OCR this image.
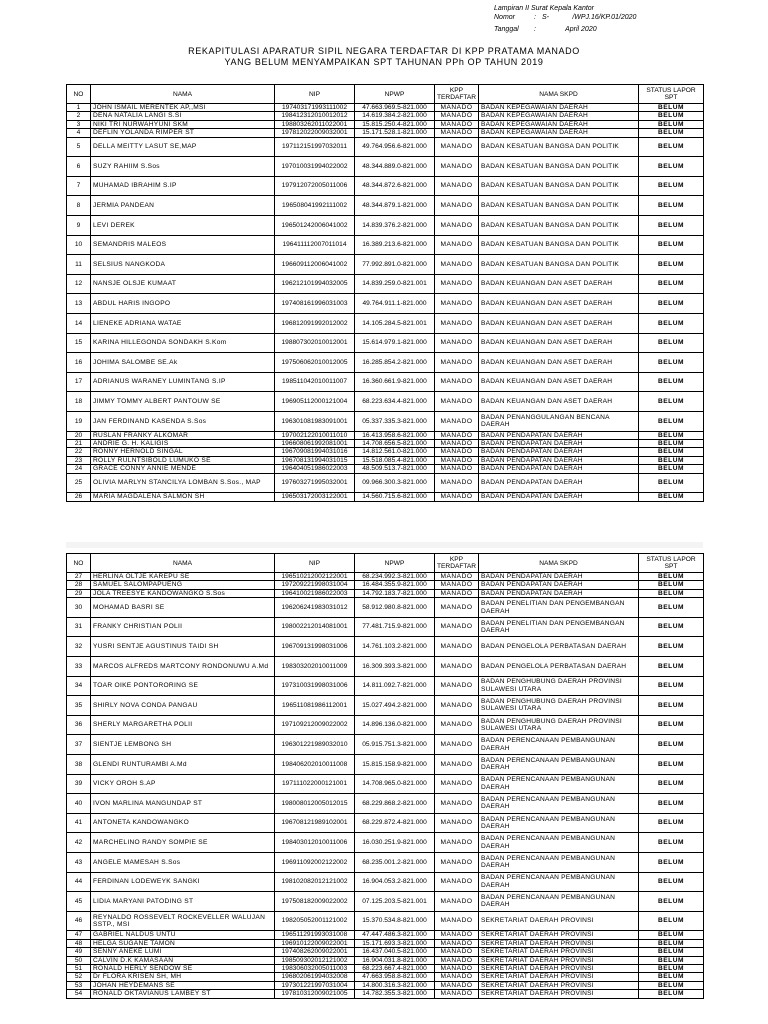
Lampiran II Surat Kepala Kantor
Nomor	: S-            /WPJ.16/KP.01/2020
Tanggal	: April 2020
REKAPITULASI APARATUR SIPIL NEGARA TERDAFTAR DI KPP PRATAMA MANADO
YANG BELUM MENYAMPAIKAN SPT TAHUNAN PPh OP TAHUN 2019
NO	NAMA	NIP	NPWP	KPP TERDAFTAR	NAMA SKPD	STATUS LAPOR SPT
1	JOHN ISMAIL MERENTEK AP,,MSI	197403171993111002	47.663.969.5-821.000	MANADO	BADAN KEPEGAWAIAN DAERAH	BELUM
2	DENA NATALIA LANGI S.SI	198412312010012012	14.619.384.2-821.000	MANADO	BADAN KEPEGAWAIAN DAERAH	BELUM
3	NIKI TRI NURWAHYUNI SKM	198803262011022001	15.815.250.4-821.000	MANADO	BADAN KEPEGAWAIAN DAERAH	BELUM
4	DEFLIN YOLANDA RIMPER ST	197812022009032001	15.171.528.1-821.000	MANADO	BADAN KEPEGAWAIAN DAERAH	BELUM
5	DELLA MEITTY LASUT SE,MAP	197112151997032011	49.764.956.6-821.000	MANADO	BADAN KESATUAN BANGSA DAN POLITIK	BELUM
6	SUZY RAHIIM S.Sos	197010031994022002	48.344.889.0-821.000	MANADO	BADAN KESATUAN BANGSA DAN POLITIK	BELUM
7	MUHAMAD IBRAHIM S.IP	197912072005011006	48.344.872.6-821.000	MANADO	BADAN KESATUAN BANGSA DAN POLITIK	BELUM
8	JERMIA PANDEAN	196508041992111002	48.344.879.1-821.000	MANADO	BADAN KESATUAN BANGSA DAN POLITIK	BELUM
9	LEVI DEREK	196501242006041002	14.839.376.2-821.000	MANADO	BADAN KESATUAN BANGSA DAN POLITIK	BELUM
10	SEMANDRIS MALEOS	196411112007011014	16.389.213.6-821.000	MANADO	BADAN KESATUAN BANGSA DAN POLITIK	BELUM
11	SELSIUS NANGKODA	196609112006041002	77.992.891.0-821.000	MANADO	BADAN KESATUAN BANGSA DAN POLITIK	BELUM
12	NANSJE OLSJE KUMAAT	196212101994032005	14.839.259.0-821.001	MANADO	BADAN KEUANGAN DAN ASET DAERAH	BELUM
13	ABDUL HARIS INGOPO	197408161996031003	49.764.911.1-821.000	MANADO	BADAN KEUANGAN DAN ASET DAERAH	BELUM
14	LIENEKE ADRIANA WATAE	196812091992012002	14.105.284.5-821.001	MANADO	BADAN KEUANGAN DAN ASET DAERAH	BELUM
15	KARINA HILLEGONDA SONDAKH S.Kom	198807302010012001	15.614.979.1-821.000	MANADO	BADAN KEUANGAN DAN ASET DAERAH	BELUM
16	JOHIMA SALOMBE SE.Ak	197506062010012005	16.285.854.2-821.000	MANADO	BADAN KEUANGAN DAN ASET DAERAH	BELUM
17	ADRIANUS WARANEY LUMINTANG S.IP	198511042010011007	16.360.661.9-821.000	MANADO	BADAN KEUANGAN DAN ASET DAERAH	BELUM
18	JIMMY TOMMY ALBERT PANTOUW SE	196905112000121004	68.223.634.4-821.000	MANADO	BADAN KEUANGAN DAN ASET DAERAH	BELUM
19	JAN FERDINAND KASENDA S.Sos	196301081983091001	05.337.335.3-821.000	MANADO	BADAN PENANGGULANGAN BENCANA DAERAH	BELUM
20	RUSLAN FRANKY ALKOMAR	197002122010011010	16.413.958.6-821.000	MANADO	BADAN PENDAPATAN DAERAH	BELUM
21	ANDRIE G. H. KALIGIS	196608061992081001	14.708.656.5-821.000	MANADO	BADAN PENDAPATAN DAERAH	BELUM
22	RONNY HERNOLD SINGAL	196709081994031016	14.812.561.0-821.000	MANADO	BADAN PENDAPATAN DAERAH	BELUM
23	ROLLY RULNTSIBOLD LUMUKO SE	196708131994031015	15.518.085.4-821.000	MANADO	BADAN PENDAPATAN DAERAH	BELUM
24	GRACE CONNY ANNIE MENDE	196404051986022003	48.509.513.7-821.000	MANADO	BADAN PENDAPATAN DAERAH	BELUM
25	OLIVIA MARLYN STANCILYA LOMBAN S.Sos., MAP	197603271995032001	09.966.300.3-821.000	MANADO	BADAN PENDAPATAN DAERAH	BELUM
26	MARIA MAGDALENA SALMON SH	196503172003122001	14.560.715.6-821.000	MANADO	BADAN PENDAPATAN DAERAH	BELUM
NO	NAMA	NIP	NPWP	KPP TERDAFTAR	NAMA SKPD	STATUS LAPOR SPT
27	HERLINA OLTJE KAREPU SE	196510212002122001	68.234.992.3-821.000	MANADO	BADAN PENDAPATAN DAERAH	BELUM
28	SAMUEL SALOMPAPUENG	197209221998031004	16.484.355.9-821.000	MANADO	BADAN PENDAPATAN DAERAH	BELUM
29	JOLA TREESYE KANDOWANGKO S.Sos	196410021986022003	14.792.183.7-821.000	MANADO	BADAN PENDAPATAN DAERAH	BELUM
30	MOHAMAD BASRI SE	196206241983031012	58.912.980.8-821.000	MANADO	BADAN PENELITIAN DAN PENGEMBANGAN DAERAH	BELUM
31	FRANKY CHRISTIAN POLII	198002212014081001	77.481.715.9-821.000	MANADO	BADAN PENELITIAN DAN PENGEMBANGAN DAERAH	BELUM
32	YUSRI SENTJE AGUSTINUS TAIDI SH	196709131998031006	14.761.103.2-821.000	MANADO	BADAN PENGELOLA PERBATASAN DAERAH	BELUM
33	MARCOS ALFREDS MARTCONY RONDONUWU A.Md	198303202010011009	16.309.393.3-821.000	MANADO	BADAN PENGELOLA PERBATASAN DAERAH	BELUM
34	TOAR OIKE PONTORORING SE	197310031998031006	14.811.092.7-821.000	MANADO	BADAN PENGHUBUNG DAERAH PROVINSI SULAWESI UTARA	BELUM
35	SHIRLY NOVA CONDA PANGAU	196511081986112001	15.027.494.2-821.000	MANADO	BADAN PENGHUBUNG DAERAH PROVINSI SULAWESI UTARA	BELUM
36	SHERLY MARGARETHA POLII	197109212009022002	14.896.136.0-821.000	MANADO	BADAN PENGHUBUNG DAERAH PROVINSI SULAWESI UTARA	BELUM
37	SIENTJE LEMBONG SH	196301221989032010	05.915.751.3-821.000	MANADO	BADAN PERENCANAAN PEMBANGUNAN DAERAH	BELUM
38	GLENDI RUNTURAMBI A.Md	198406202010011008	15.815.158.9-821.000	MANADO	BADAN PERENCANAAN PEMBANGUNAN DAERAH	BELUM
39	VICKY OROH S.AP	197111022000121001	14.708.965.0-821.000	MANADO	BADAN PERENCANAAN PEMBANGUNAN DAERAH	BELUM
40	IVON MARLINA MANGUNDAP ST	198008012005012015	68.229.868.2-821.000	MANADO	BADAN PERENCANAAN PEMBANGUNAN DAERAH	BELUM
41	ANTONETA KANDOWANGKO	196708121989102001	68.229.872.4-821.000	MANADO	BADAN PERENCANAAN PEMBANGUNAN DAERAH	BELUM
42	MARCHELINO RANDY SOMPIE SE	198403012010011006	16.030.251.9-821.000	MANADO	BADAN PERENCANAAN PEMBANGUNAN DAERAH	BELUM
43	ANGELE MAMESAH S.Sos	196911092002122002	68.235.001.2-821.000	MANADO	BADAN PERENCANAAN PEMBANGUNAN DAERAH	BELUM
44	FERDINAN LODEWEYK SANGKI	198102082012121002	16.904.053.2-821.000	MANADO	BADAN PERENCANAAN PEMBANGUNAN DAERAH	BELUM
45	LIDIA MARYANI PATODING ST	197508182009022002	07.125.203.5-821.001	MANADO	BADAN PERENCANAAN PEMBANGUNAN DAERAH	BELUM
46	REYNALDO ROSSEVELT ROCKEVELLER WALUJAN SSTP., MSI	198205052001121002	15.370.534.8-821.000	MANADO	SEKRETARIAT DAERAH PROVINSI	BELUM
47	GABRIEL NALDUS UNTU	196511291993031008	47.447.486.3-821.000	MANADO	SEKRETARIAT DAERAH PROVINSI	BELUM
48	HELGA SUGANE TAMON	196910122009022001	15.171.693.3-821.000	MANADO	SEKRETARIAT DAERAH PROVINSI	BELUM
49	SENNY ANEKE LUMI	197408262009022001	16.437.040.5-821.000	MANADO	SEKRETARIAT DAERAH PROVINSI	BELUM
50	CALVIN D.K KAMASAAN	198509302012121002	16.904.031.8-821.000	MANADO	SEKRETARIAT DAERAH PROVINSI	BELUM
51	RONALD HERLY SENDOW SE	198306032005011003	68.223.667.4-821.000	MANADO	SEKRETARIAT DAERAH PROVINSI	BELUM
52	Dr FLORA KRISEN SH, MH	196802061994032008	47.663.958.8-821.000	MANADO	SEKRETARIAT DAERAH PROVINSI	BELUM
53	JOHAN HEYDEMANS SE	197301221997031004	14.800.316.3-821.000	MANADO	SEKRETARIAT DAERAH PROVINSI	BELUM
54	RONALD OKTAVIANUS LAMBEY ST	197810312009021005	14.782.355.3-821.000	MANADO	SEKRETARIAT DAERAH PROVINSI	BELUM
